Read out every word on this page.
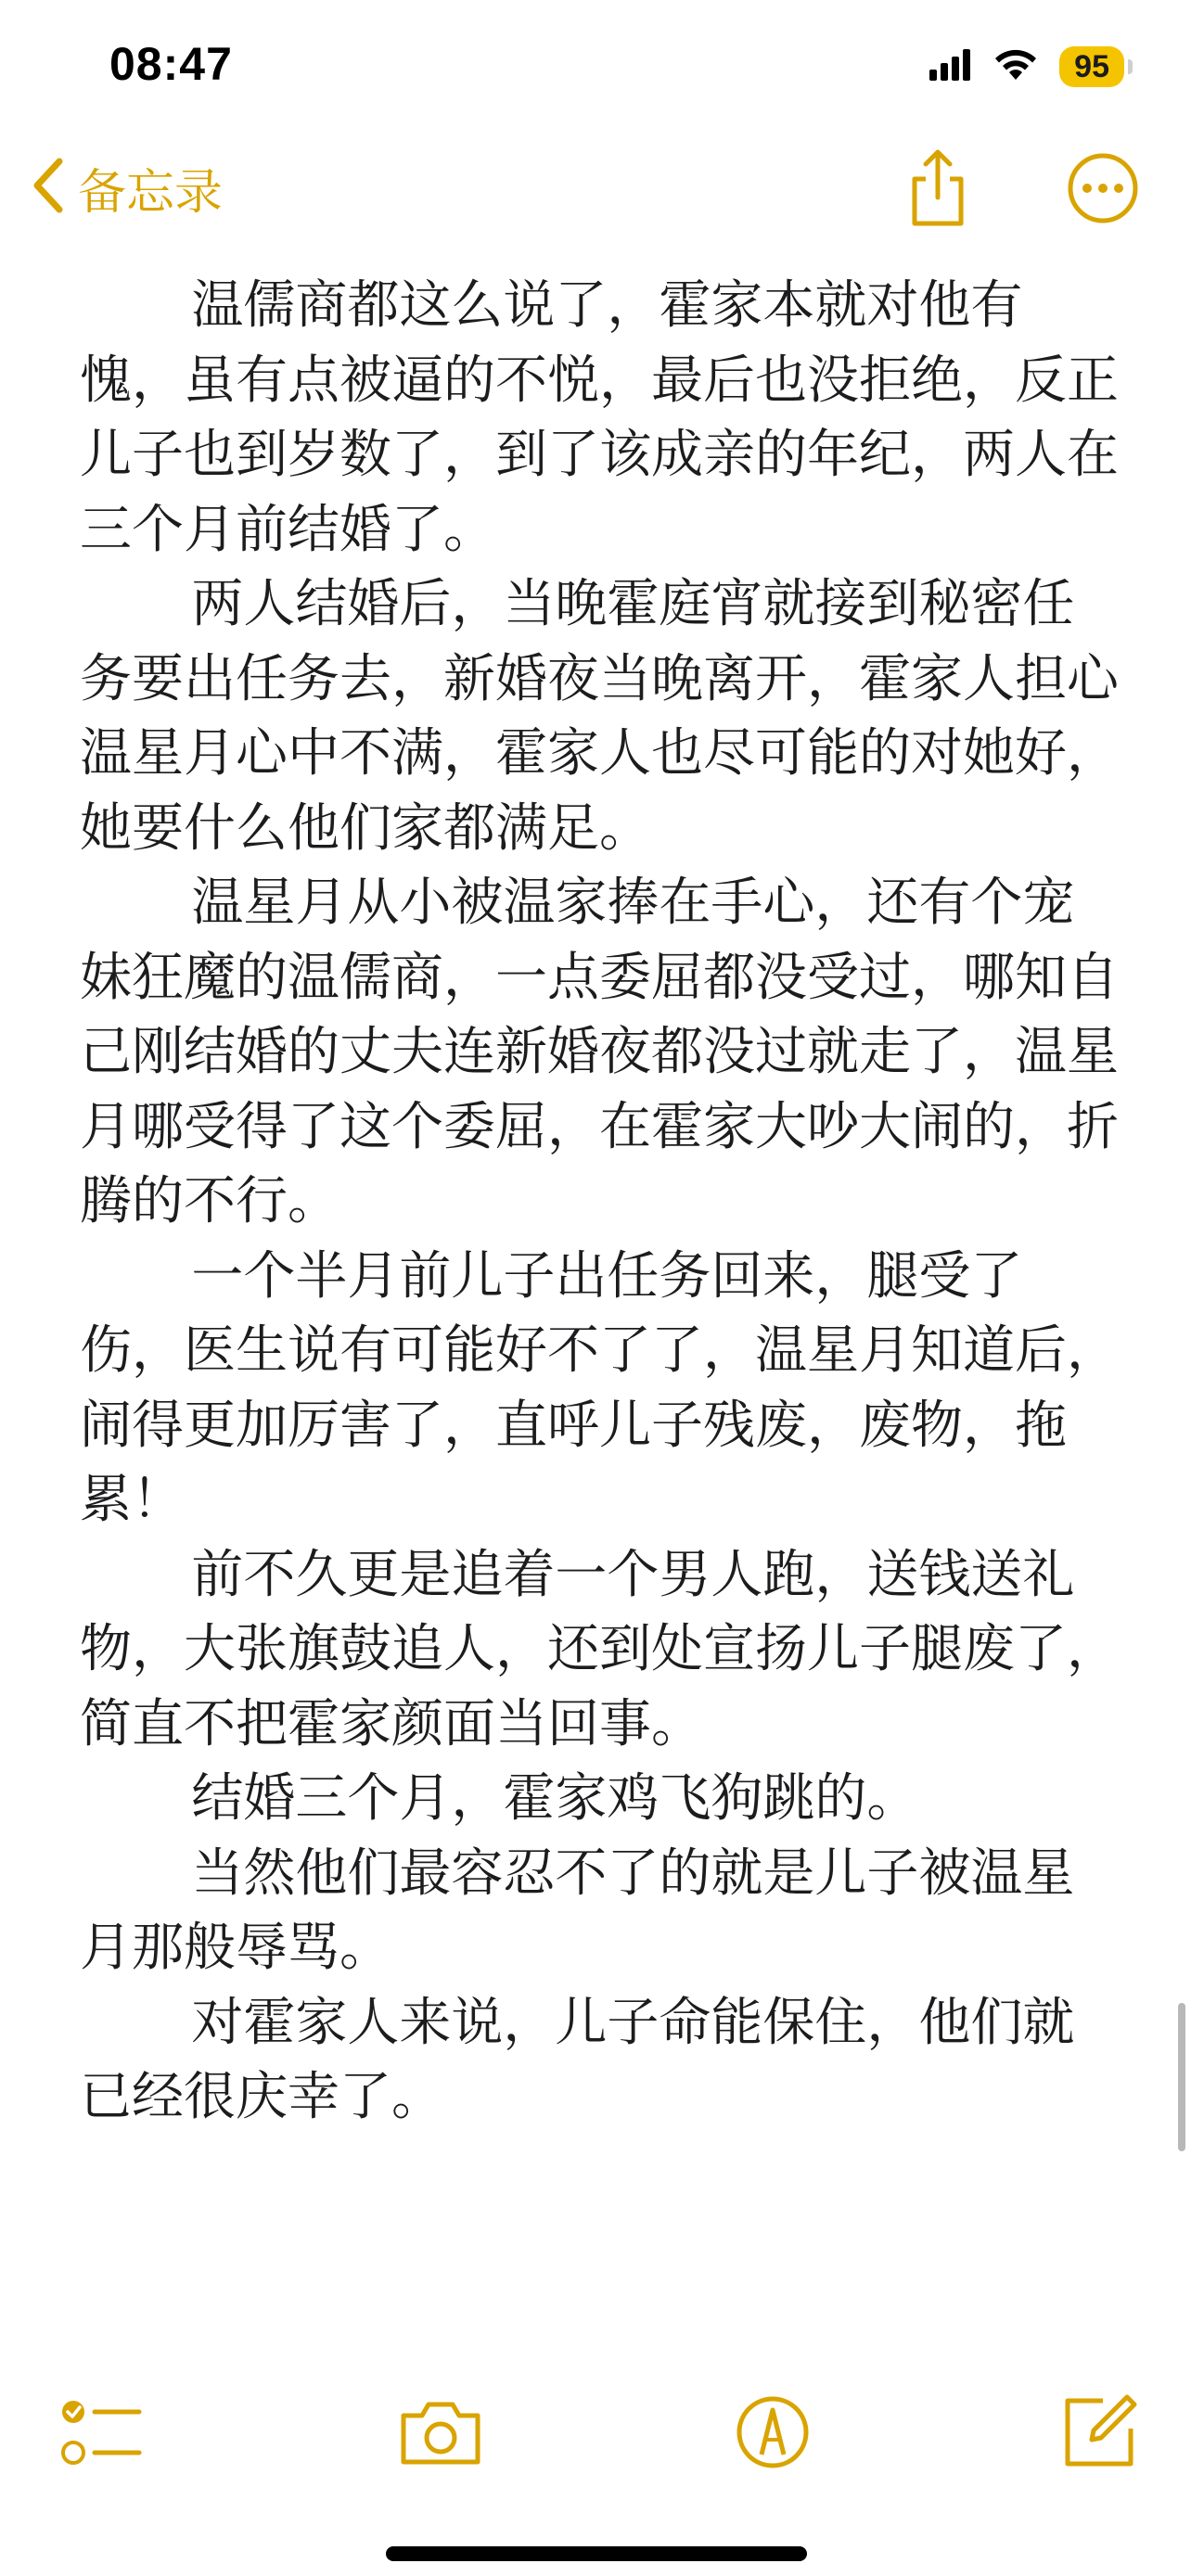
08:47	95
备忘录

温儒商都这么说了，霍家本就对他有愧，虽有点被逼的不悦，最后也没拒绝，反正儿子也到岁数了，到了该成亲的年纪，两人在三个月前结婚了。

两人结婚后，当晚霍庭宵就接到秘密任务要出任务去，新婚夜当晚离开，霍家人担心温星月心中不满，霍家人也尽可能的对她好，她要什么他们家都满足。

温星月从小被温家捧在手心，还有个宠妹狂魔的温儒商，一点委屈都没受过，哪知自己刚结婚的丈夫连新婚夜都没过就走了，温星月哪受得了这个委屈，在霍家大吵大闹的，折腾的不行。

一个半月前儿子出任务回来，腿受了伤，医生说有可能好不了了，温星月知道后，闹得更加厉害了，直呼儿子残废，废物，拖累！

前不久更是追着一个男人跑，送钱送礼物，大张旗鼓追人，还到处宣扬儿子腿废了，简直不把霍家颜面当回事。

结婚三个月，霍家鸡飞狗跳的。

当然他们最容忍不了的就是儿子被温星月那般辱骂。

对霍家人来说，儿子命能保住，他们就已经很庆幸了。
